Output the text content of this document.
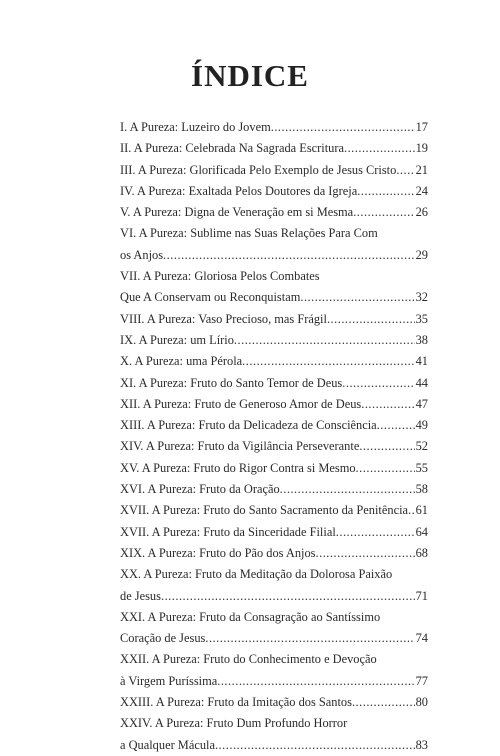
ÍNDICE
I. A Pureza: Luzeiro do Jovem .....	17
II. A Pureza: Celebrada Na Sagrada Escritura .....	19
III. A Pureza: Glorificada Pelo Exemplo de Jesus Cristo ..... 21
IV. A Pureza: Exaltada Pelos Doutores da Igreja .....	24
V. A Pureza: Digna de Veneração em si Mesma .....	26
VI. A Pureza: Sublime nas Suas Relações Para Com
os Anjos .....	29
VII. A Pureza: Gloriosa Pelos Combates
Que A Conservam ou Reconquistam .....	32
VIII. A Pureza: Vaso Precioso, mas Frágil .....	35
IX. A Pureza: um Lírio .....	38
X. A Pureza: uma Pérola .....	41
XI. A Pureza: Fruto do Santo Temor de Deus .....	44
XII. A Pureza: Fruto de Generoso Amor de Deus .....	47
XIII. A Pureza: Fruto da Delicadeza de Consciência .....	49
XIV. A Pureza: Fruto da Vigilância Perseverante .....	52
XV. A Pureza: Fruto do Rigor Contra si Mesmo .....	55
XVI. A Pureza: Fruto da Oração .....	58
XVII. A Pureza: Fruto do Santo Sacramento da Penitência ..... 61
XVII. A Pureza: Fruto da Sinceridade Filial .....	64
XIX. A Pureza: Fruto do Pão dos Anjos .....	68
XX. A Pureza: Fruto da Meditação da Dolorosa Paixão
de Jesus .....	71
XXI. A Pureza: Fruto da Consagração ao Santíssimo
Coração de Jesus .....	74
XXII. A Pureza: Fruto do Conhecimento e Devoção
à Virgem Puríssima .....	77
XXIII. A Pureza: Fruto da Imitação dos Santos .....	80
XXIV. A Pureza: Fruto Dum Profundo Horror
a Qualquer Mácula .....	83
